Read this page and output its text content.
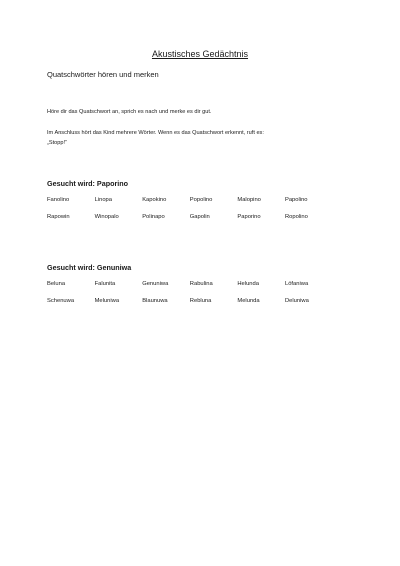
Akustisches Gedächtnis
Quatschwörter hören und merken
Höre dir das Quatschwort an, sprich es nach und merke es dir gut.
Im Anschluss hört das Kind mehrere Wörter. Wenn es das Quatschwort erkennt, ruft es:
„Stopp!“
Gesucht wird: Paporino
Fanolino	Linopa	Kapokino	Popolino	Malopino	Papolino
Rapowin	Winopalo	Polinapo	Gapolin	Paporino	Ropolino
Gesucht wird: Genuniwa
Beluna	Falunita	Genuniwa	Rabulina	Helunda	Löfaniwa
Schenuwa	Meluniwa	Blaunuwa	Rebluna	Melunda	Deluniwa
